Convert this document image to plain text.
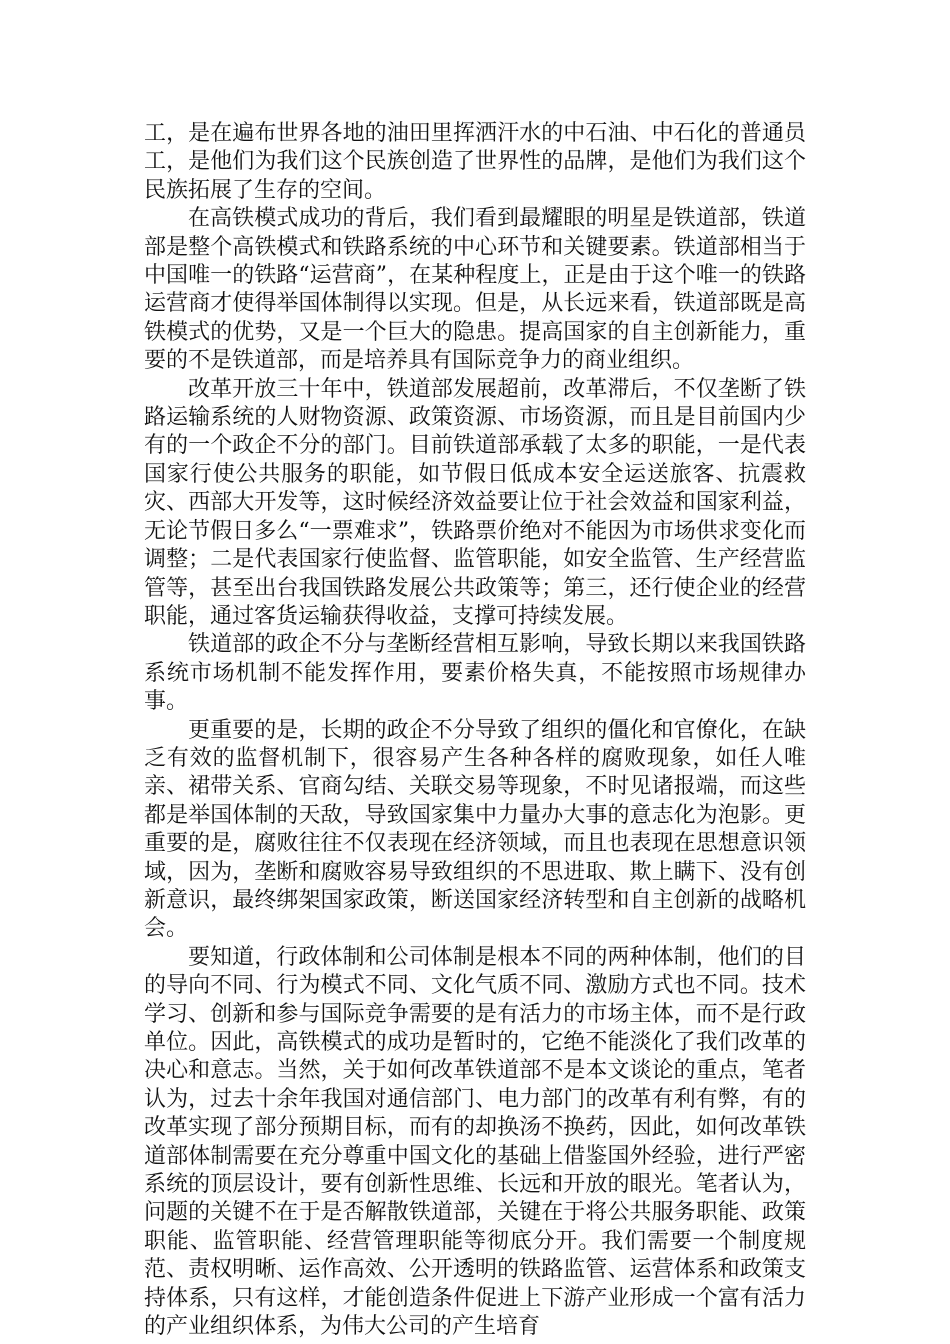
工，是在遍布世界各地的油田里挥洒汗水的中石油、中石化的普通员工，是他们为我们这个民族创造了世界性的品牌，是他们为我们这个民族拓展了生存的空间。

在高铁模式成功的背后，我们看到最耀眼的明星是铁道部，铁道部是整个高铁模式和铁路系统的中心环节和关键要素。铁道部相当于中国唯一的铁路“运营商”，在某种程度上，正是由于这个唯一的铁路运营商才使得举国体制得以实现。但是，从长远来看，铁道部既是高铁模式的优势，又是一个巨大的隐患。提高国家的自主创新能力，重要的不是铁道部，而是培养具有国际竞争力的商业组织。

改革开放三十年中，铁道部发展超前，改革滞后，不仅垄断了铁路运输系统的人财物资源、政策资源、市场资源，而且是目前国内少有的一个政企不分的部门。目前铁道部承载了太多的职能，一是代表国家行使公共服务的职能，如节假日低成本安全运送旅客、抗震救灾、西部大开发等，这时候经济效益要让位于社会效益和国家利益，无论节假日多么“一票难求”，铁路票价绝对不能因为市场供求变化而调整；二是代表国家行使监督、监管职能，如安全监管、生产经营监管等，甚至出台我国铁路发展公共政策等；第三，还行使企业的经营职能，通过客货运输获得收益，支撑可持续发展。

铁道部的政企不分与垄断经营相互影响，导致长期以来我国铁路系统市场机制不能发挥作用，要素价格失真，不能按照市场规律办事。

更重要的是，长期的政企不分导致了组织的僵化和官僚化，在缺乏有效的监督机制下，很容易产生各种各样的腐败现象，如任人唯亲、裙带关系、官商勾结、关联交易等现象，不时见诸报端，而这些都是举国体制的天敌，导致国家集中力量办大事的意志化为泡影。更重要的是，腐败往往不仅表现在经济领域，而且也表现在思想意识领域，因为，垄断和腐败容易导致组织的不思进取、欺上瞒下、没有创新意识，最终绑架国家政策，断送国家经济转型和自主创新的战略机会。

要知道，行政体制和公司体制是根本不同的两种体制，他们的目的导向不同、行为模式不同、文化气质不同、激励方式也不同。技术学习、创新和参与国际竞争需要的是有活力的市场主体，而不是行政单位。因此，高铁模式的成功是暂时的，它绝不能淡化了我们改革的决心和意志。当然，关于如何改革铁道部不是本文谈论的重点，笔者认为，过去十余年我国对通信部门、电力部门的改革有利有弊，有的改革实现了部分预期目标，而有的却换汤不换药，因此，如何改革铁道部体制需要在充分尊重中国文化的基础上借鉴国外经验，进行严密系统的顶层设计，要有创新性思维、长远和开放的眼光。笔者认为，问题的关键不在于是否解散铁道部，关键在于将公共服务职能、政策职能、监管职能、经营管理职能等彻底分开。我们需要一个制度规范、责权明晰、运作高效、公开透明的铁路监管、运营体系和政策支持体系，只有这样，才能创造条件促进上下游产业形成一个富有活力的产业组织体系，为伟大公司的产生培育
